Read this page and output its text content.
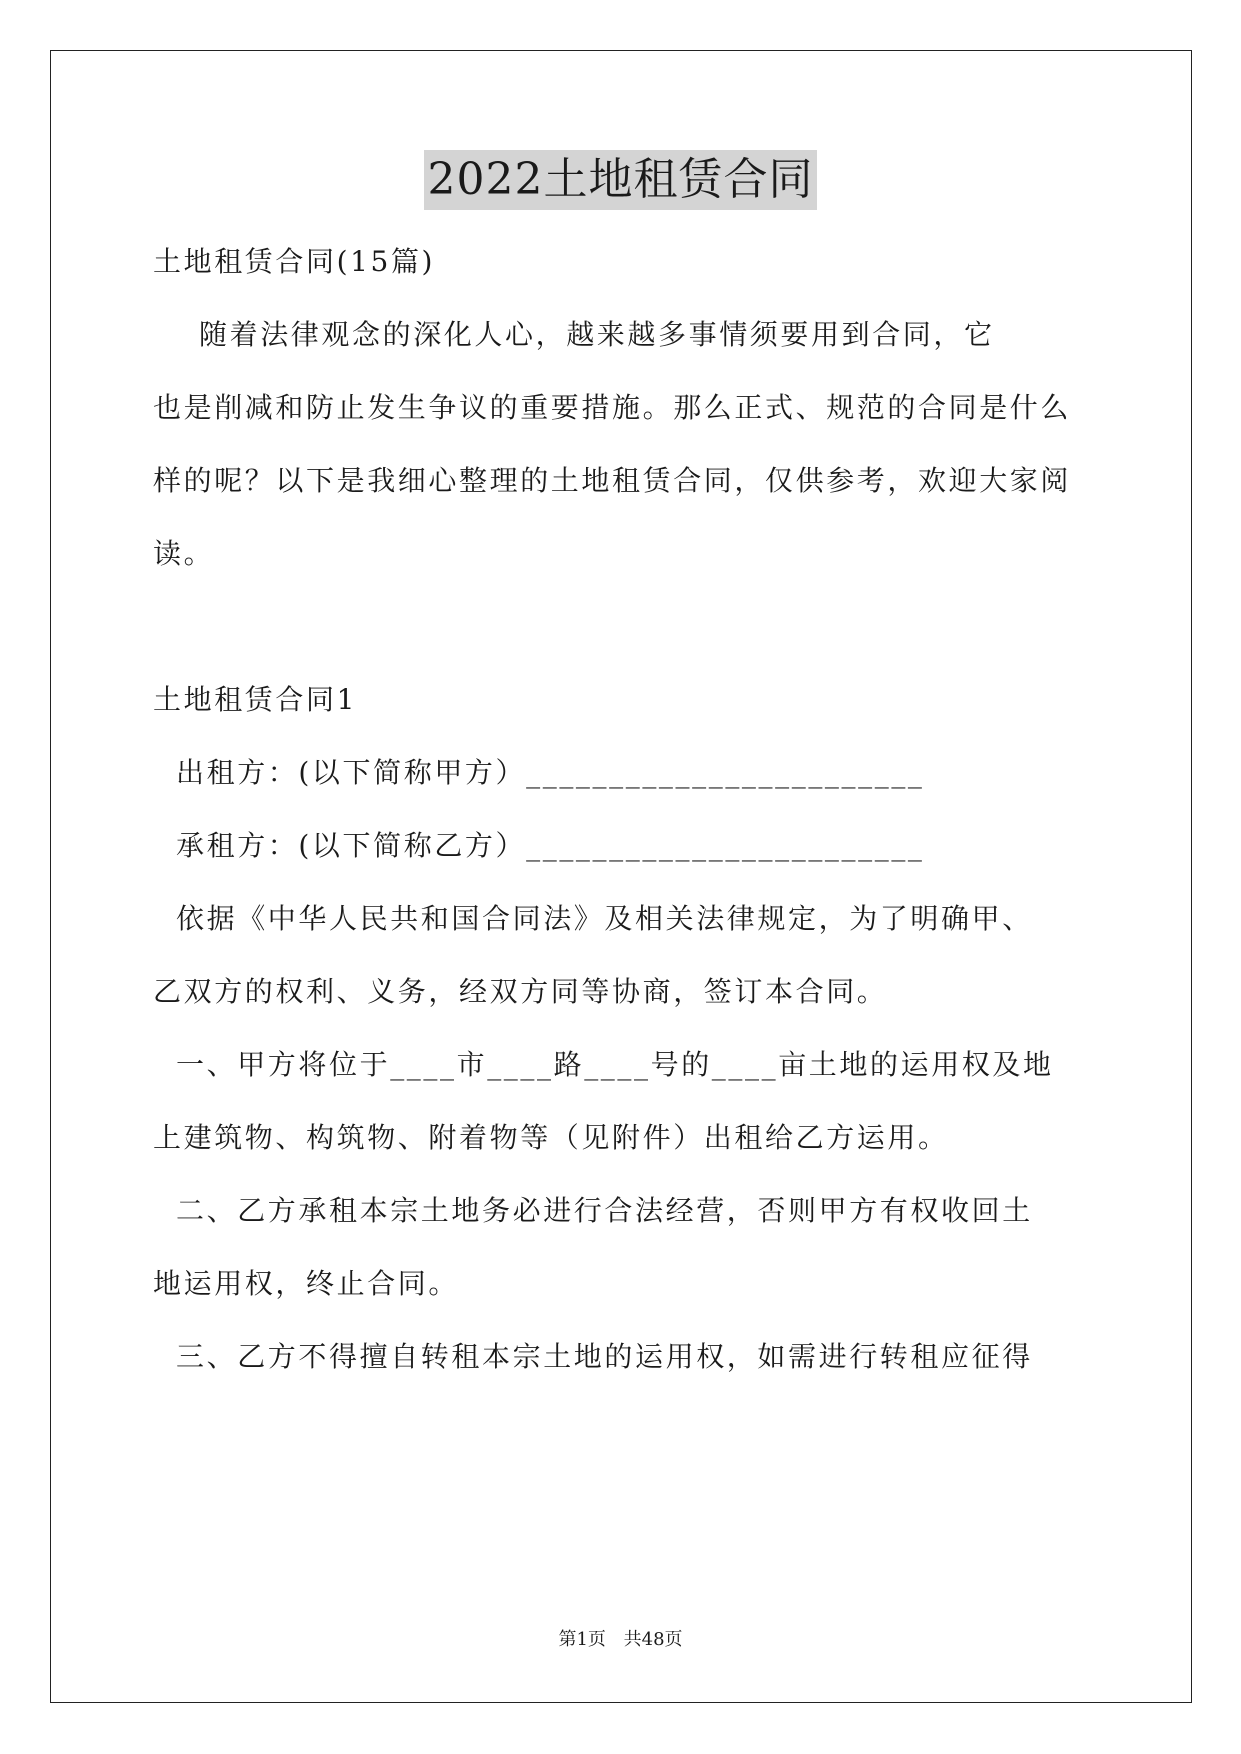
2022土地租赁合同
土地租赁合同(15篇)
随着法律观念的深化人心，越来越多事情须要用到合同，它
也是削减和防止发生争议的重要措施。那么正式、规范的合同是什么
样的呢？以下是我细心整理的土地租赁合同，仅供参考，欢迎大家阅
读。
土地租赁合同1
出租方：(以下简称甲方）________________________
承租方：(以下简称乙方）________________________
依据《中华人民共和国合同法》及相关法律规定，为了明确甲、
乙双方的权利、义务，经双方同等协商，签订本合同。
一、甲方将位于____市____路____号的____亩土地的运用权及地
上建筑物、构筑物、附着物等（见附件）出租给乙方运用。
二、乙方承租本宗土地务必进行合法经营，否则甲方有权收回土
地运用权，终止合同。
三、乙方不得擅自转租本宗土地的运用权，如需进行转租应征得
第1页 共48页
